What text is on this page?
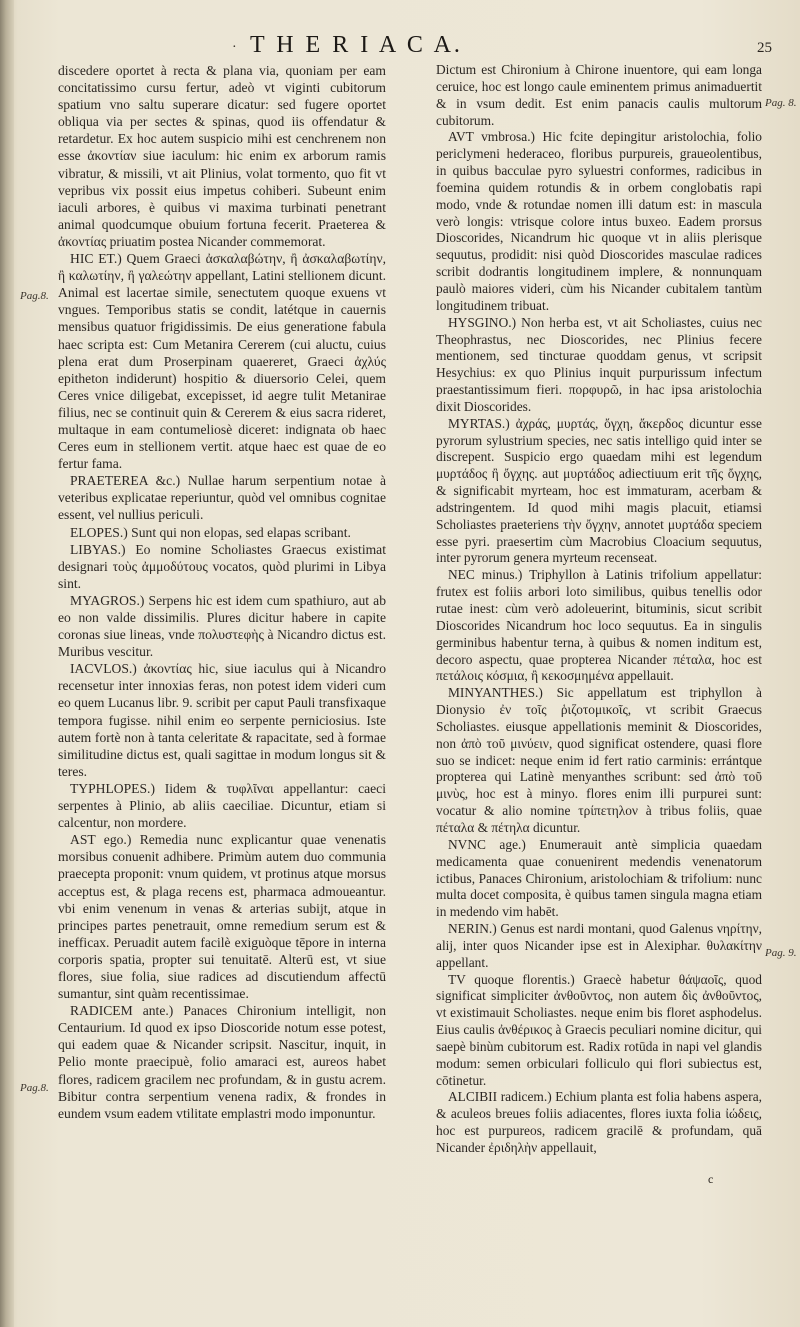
· T H E R I A C A.	25
Pag.8.
Pag.8.
Pag. 8.
Pag. 9.

discedere oportet à recta & plana via, quoniam per eam concitatissimo cursu fertur, adeò vt viginti cubitorum spatium vno saltu superare dicatur: sed fugere oportet obliqua via per sectes & spinas, quod iis offendatur & retardetur. Ex hoc autem suspicio mihi est cenchrenem non esse ἀκοντίαν siue iaculum: hic enim ex arborum ramis vibratur, & missili, vt ait Plinius, volat tormento, quo fit vt vepribus vix possit eius impetus cohiberi. Subeunt enim iaculi arbores, è quibus vi maxima turbinati penetrant animal quodcumque obuium fortuna fecerit. Praeterea & ἀκοντίας priuatim postea Nicander commemorat.

HIC ET.) Quem Graeci ἀσκαλαβώτην, ἢ ἀσκαλαβωτίην, ἢ καλωτίην, ἢ γαλεώτην appellant, Latini stellionem dicunt. Animal est lacertae simile, senectutem quoque exuens vt vngues. Temporibus statis se condit, latétque in cauernis mensibus quatuor frigidissimis. De eius generatione fabula haec scripta est: Cum Metanira Cererem (cui aluctu, cuius plena erat dum Proserpinam quaereret, Graeci ἀχλύς epitheton indiderunt) hospitio & diuersorio Celei, quem Ceres vnice diligebat, excepisset, id aegre tulit Metanirae filius, nec se continuit quin & Cererem & eius sacra rideret, multaque in eam contumeliosè diceret: indignata ob haec Ceres eum in stellionem vertit. atque haec est quae de eo fertur fama.

PRAETEREA &c.) Nullae harum serpentium notae à veteribus explicatae reperiuntur, quòd vel omnibus cognitae essent, vel nullius periculi.

ELOPES.) Sunt qui non elopas, sed elapas scribant.

LIBYAS.) Eo nomine Scholiastes Graecus existimat designari τοὺς ἀμμοδύτους vocatos, quòd plurimi in Libya sint.

MYAGROS.) Serpens hic est idem cum spathiuro, aut ab eo non valde dissimilis. Plures dicitur habere in capite coronas siue lineas, vnde πολυστεφὴς à Nicandro dictus est. Muribus vescitur.

IACVLOS.) ἀκοντίας hic, siue iaculus qui à Nicandro recensetur inter innoxias feras, non potest idem videri cum eo quem Lucanus libr. 9. scribit per caput Pauli transfixaque tempora fugisse. nihil enim eo serpente perniciosius. Iste autem fortè non à tanta celeritate & rapacitate, sed à formae similitudine dictus est, quali sagittae in modum longus sit & teres.

TYPHLOPES.) Iidem & τυφλῖναι appellantur: caeci serpentes à Plinio, ab aliis caeciliae. Dicuntur, etiam si calcentur, non mordere.

AST ego.) Remedia nunc explicantur quae venenatis morsibus conuenit adhibere. Primùm autem duo communia praecepta proponit: vnum quidem, vt protinus atque morsus acceptus est, & plaga recens est, pharmaca admoueantur. vbi enim venenum in venas & arterias subijt, atque in principes partes penetrauit, omne remedium serum est & inefficax. Peruadit autem facilè exiguòque tēpore in interna corporis spatia, propter sui tenuitatē. Alterū est, vt siue flores, siue folia, siue radices ad discutiendum affectū sumantur, sint quàm recentissimae.

RADICEM ante.) Panaces Chironium intelligit, non Centaurium. Id quod ex ipso Dioscoride notum esse potest, qui eadem quae & Nicander scripsit. Nascitur, inquit, in Pelio monte praecipuè, folio amaraci est, aureos habet flores, radicem gracilem nec profundam, & in gustu acrem. Bibitur contra serpentium venena radix, & frondes in eundem vsum eadem vtilitate emplastri modo imponuntur.

Dictum est Chironium à Chirone inuentore, qui eam longa ceruice, hoc est longo caule eminentem primus animaduertit & in vsum dedit. Est enim panacis caulis multorum cubitorum.

AVT vmbrosa.) Hic fcite depingitur aristolochia, folio periclymeni hederaceo, floribus purpureis, graueolentibus, in quibus bacculae pyro syluestri conformes, radicibus in foemina quidem rotundis & in orbem conglobatis rapi modo, vnde & rotundae nomen illi datum est: in mascula verò longis: vtrisque colore intus buxeo. Eadem prorsus Dioscorides, Nicandrum hic quoque vt in aliis plerisque sequutus, prodidit: nisi quòd Dioscorides masculae radices scribit dodrantis longitudinem implere, & nonnunquam paulò maiores videri, cùm his Nicander cubitalem tantùm longitudinem tribuat.

HYSGINO.) Non herba est, vt ait Scholiastes, cuius nec Theophrastus, nec Dioscorides, nec Plinius fecere mentionem, sed tincturae quoddam genus, vt scripsit Hesychius: ex quo Plinius inquit purpurissum infectum praestantissimum fieri. πορφυρῶ, in hac ipsa aristolochia dixit Dioscorides.

MYRTAS.) ἀχράς, μυρτάς, ὄγχη, ἄκερδος dicuntur esse pyrorum sylustrium species, nec satis intelligo quid inter se discrepent. Suspicio ergo quaedam mihi est legendum μυρτάδος ἢ ὄγχης. aut μυρτάδος adiectiuum erit τῆς ὄγχης, & significabit myrteam, hoc est immaturam, acerbam & adstringentem. Id quod mihi magis placuit, etiamsi Scholiastes praeteriens τὴν ὄγχην, annotet μυρτάδα speciem esse pyri. praesertim cùm Macrobius Cloacium sequutus, inter pyrorum genera myrteum recenseat.

NEC minus.) Triphyllon à Latinis trifolium appellatur: frutex est foliis arbori loto similibus, quibus tenellis odor rutae inest: cùm verò adoleuerint, bituminis, sicut scribit Dioscorides Nicandrum hoc loco sequutus. Ea in singulis germinibus habentur terna, à quibus & nomen inditum est, decoro aspectu, quae propterea Nicander πέταλα, hoc est πετάλοις κόσμια, ἢ κεκοσμημένα appellauit.

MINYANTHES.) Sic appellatum est triphyllon à Dionysio ἐν τοῖς ῥιζοτομικοῖς, vt scribit Graecus Scholiastes. eiusque appellationis meminit & Dioscorides, non ἀπὸ τοῦ μινύειν, quod significat ostendere, quasi flore suo se indicet: neque enim id fert ratio carminis: errántque propterea qui Latinè menyanthes scribunt: sed ἀπὸ τοῦ μινὺς, hoc est à minyo. flores enim illi purpurei sunt: vocatur & alio nomine τρίπετηλον à tribus foliis, quae πέταλα & πέτηλα dicuntur.

NVNC age.) Enumerauit antè simplicia quaedam medicamenta quae conuenirent medendis venenatorum ictibus, Panaces Chironium, aristolochiam & trifolium: nunc multa docet composita, è quibus tamen singula magna etiam in medendo vim habēt.

NERIN.) Genus est nardi montani, quod Galenus νηρίτην, alij, inter quos Nicander ipse est in Alexiphar. θυλακίτην appellant.

TV quoque florentis.) Graecè habetur θάψαοῖς, quod significat simpliciter ἀνθοῦντος, non autem δὶς ἀνθοῦντος, vt existimauit Scholiastes. neque enim bis floret asphodelus. Eius caulis ἀνθέρικος à Graecis peculiari nomine dicitur, qui saepè binùm cubitorum est. Radix rotūda in napi vel glandis modum: semen orbiculari folliculo qui flori subiectus est, cōtinetur.

ALCIBII radicem.) Echium planta est folia habens aspera, & aculeos breues foliis adiacentes, flores iuxta folia ἰώδεις, hoc est purpureos, radicem gracilē & profundam, quā Nicander ἐριδηλὴν appellauit,

c
